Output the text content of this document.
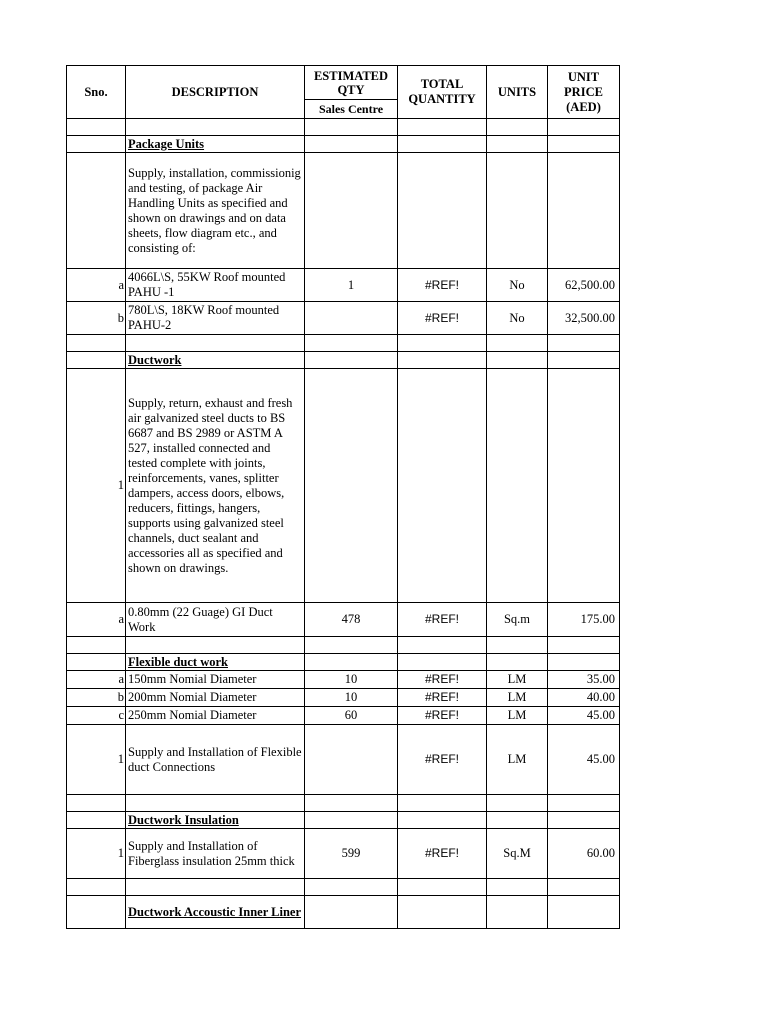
Sno.	DESCRIPTION	ESTIMATED QTY	TOTAL QUANTITY	UNITS	UNIT PRICE (AED)
		Sales Centre			

	Package Units				
	Supply, installation, commissionig and testing, of package Air Handling Units as specified and shown on drawings and on data sheets, flow diagram etc., and consisting of:				
a	4066L\S, 55KW Roof mounted PAHU -1	1	#REF!	No	62,500.00
b	780L\S, 18KW Roof mounted PAHU-2		#REF!	No	32,500.00

	Ductwork				
1	Supply, return, exhaust and fresh air galvanized steel ducts to BS 6687 and BS 2989 or ASTM A 527, installed connected and tested complete with joints, reinforcements, vanes, splitter dampers, access doors, elbows, reducers, fittings, hangers, supports using galvanized steel channels, duct sealant and accessories all as specified and shown on drawings.				
a	0.80mm (22 Guage) GI Duct Work	478	#REF!	Sq.m	175.00

	Flexible duct work				
a	150mm Nomial Diameter	10	#REF!	LM	35.00
b	200mm Nomial Diameter	10	#REF!	LM	40.00
c	250mm Nomial Diameter	60	#REF!	LM	45.00
1	Supply and Installation of Flexible duct Connections		#REF!	LM	45.00

	Ductwork Insulation				
1	Supply and Installation of Fiberglass insulation 25mm thick	599	#REF!	Sq.M	60.00

	Ductwork Accoustic Inner Liner				
